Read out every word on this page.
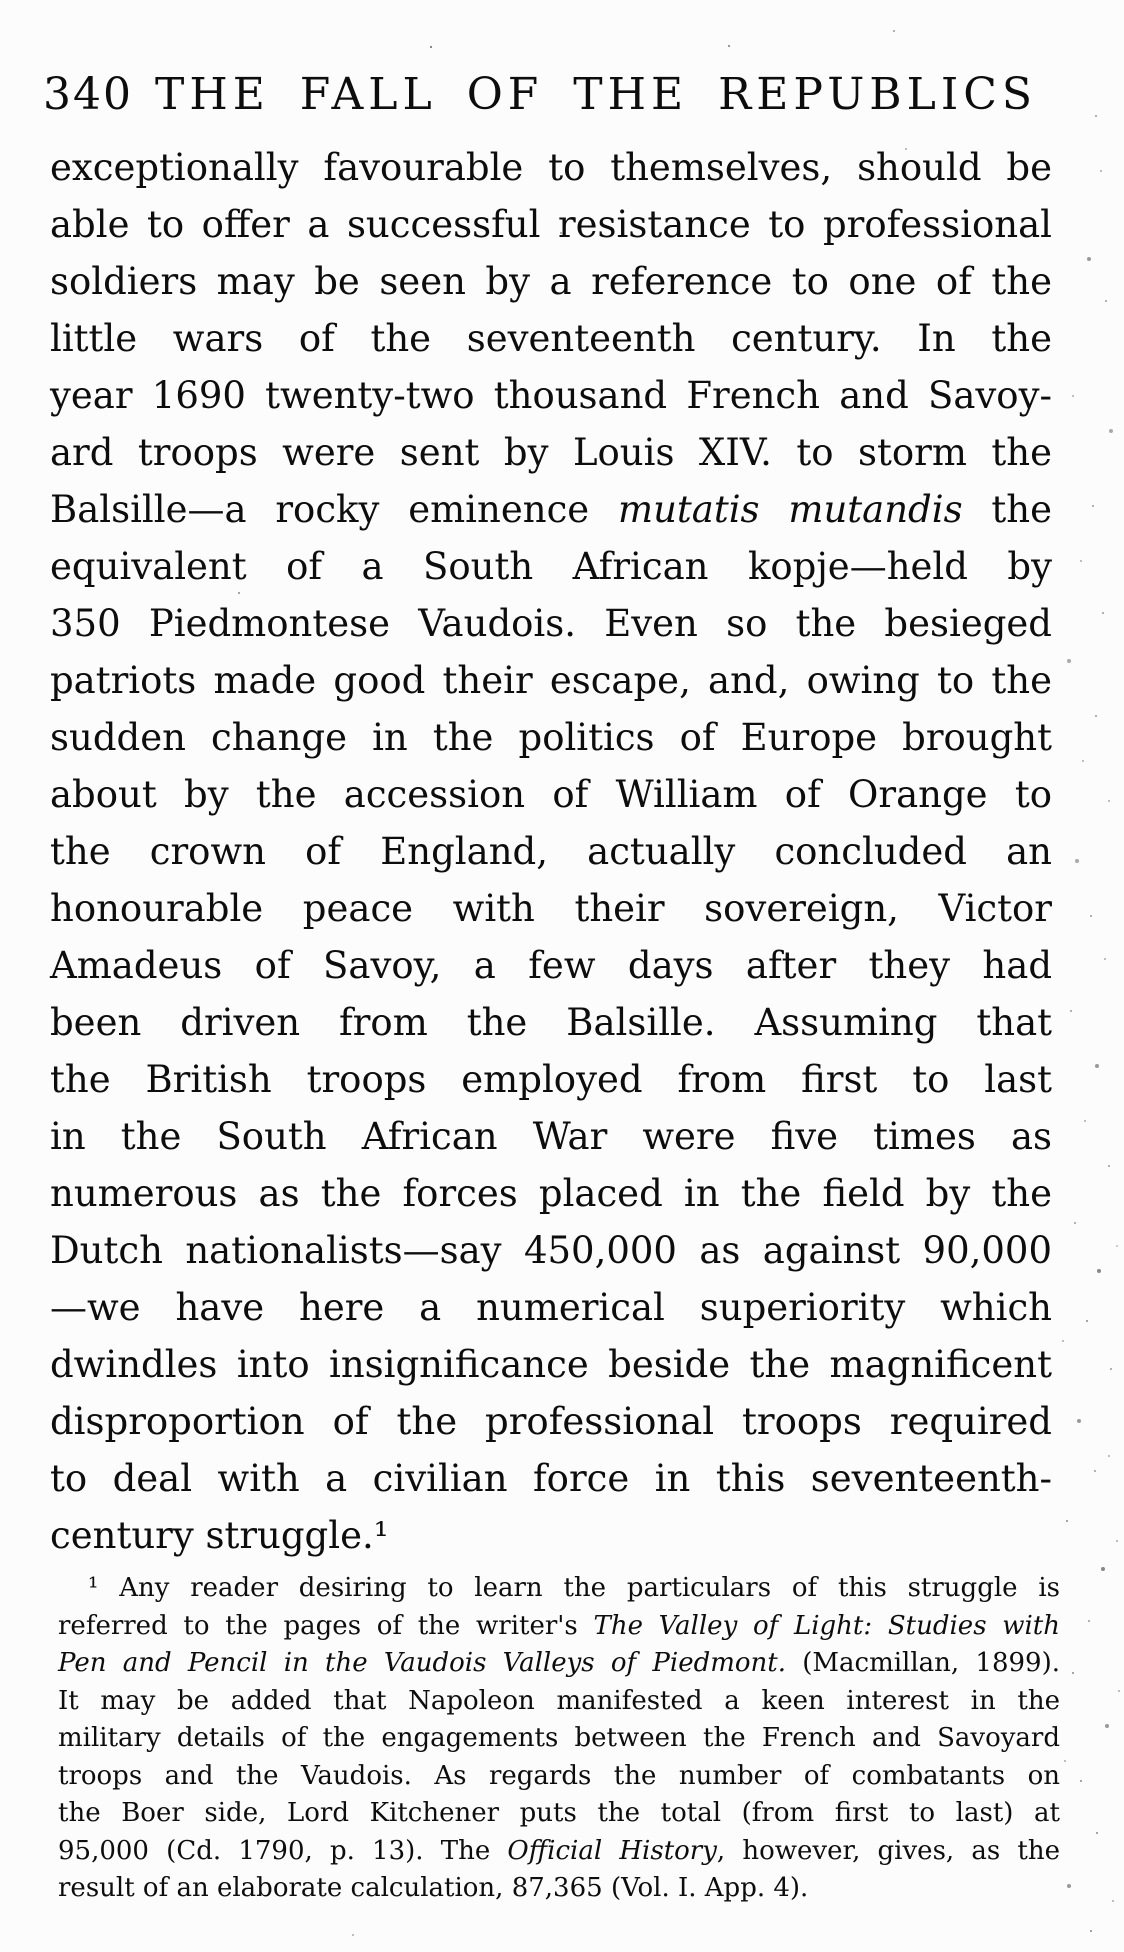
340 THE FALL OF THE REPUBLICS
exceptionally favourable to themselves, should be
able to offer a successful resistance to professional
soldiers may be seen by a reference to one of the
little wars of the seventeenth century. In the
year 1690 twenty-two thousand French and Savoy-
ard troops were sent by Louis XIV. to storm the
Balsille—a rocky eminence mutatis mutandis the
equivalent of a South African kopje—held by
350 Piedmontese Vaudois. Even so the besieged
patriots made good their escape, and, owing to the
sudden change in the politics of Europe brought
about by the accession of William of Orange to
the crown of England, actually concluded an
honourable peace with their sovereign, Victor
Amadeus of Savoy, a few days after they had
been driven from the Balsille. Assuming that
the British troops employed from first to last
in the South African War were five times as
numerous as the forces placed in the field by the
Dutch nationalists—say 450,000 as against 90,000
—we have here a numerical superiority which
dwindles into insignificance beside the magnificent
disproportion of the professional troops required
to deal with a civilian force in this seventeenth-
century struggle.¹
¹ Any reader desiring to learn the particulars of this struggle is
referred to the pages of the writer's The Valley of Light: Studies with
Pen and Pencil in the Vaudois Valleys of Piedmont. (Macmillan, 1899).
It may be added that Napoleon manifested a keen interest in the
military details of the engagements between the French and Savoyard
troops and the Vaudois. As regards the number of combatants on
the Boer side, Lord Kitchener puts the total (from first to last) at
95,000 (Cd. 1790, p. 13). The Official History, however, gives, as the
result of an elaborate calculation, 87,365 (Vol. I. App. 4).
